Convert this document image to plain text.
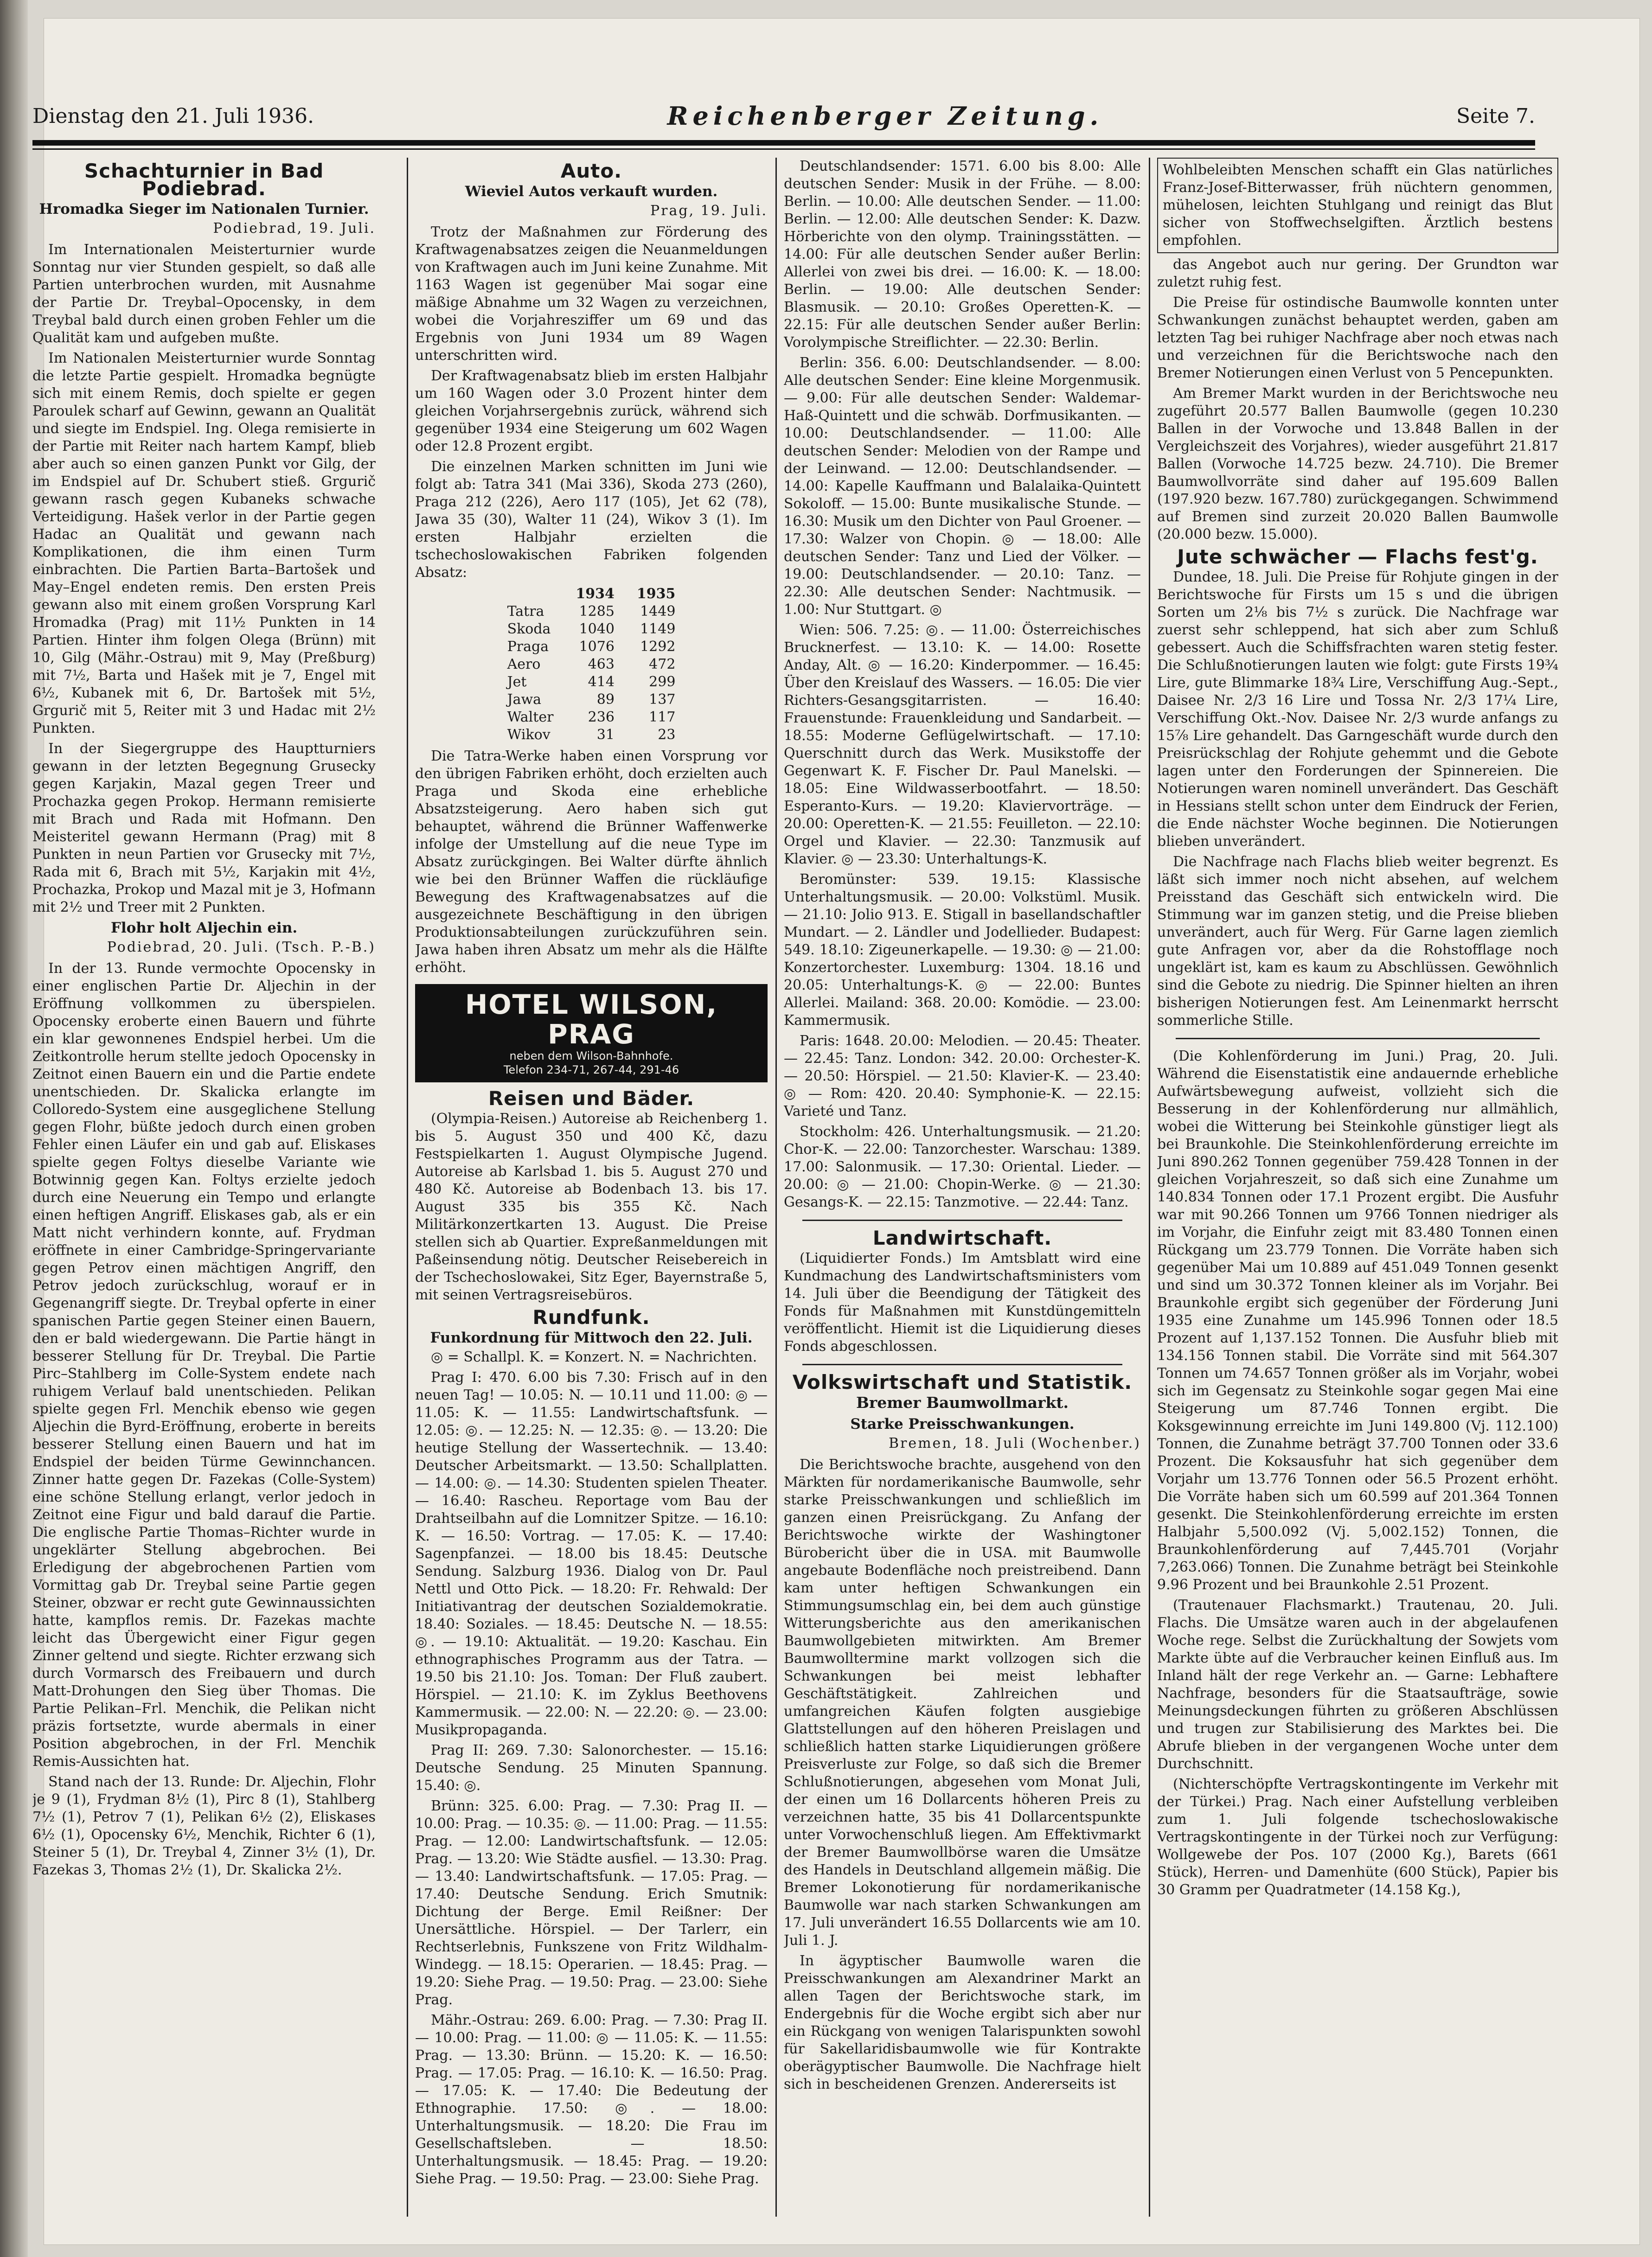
Dienstag den 21. Juli 1936.	Reichenberger Zeitung.	Seite 7.
Schachturnier in Bad Podiebrad.
Hromadka Sieger im Nationalen Turnier.
Podiebrad, 19. Juli.

Im Internationalen Meisterturnier wurde Sonntag nur vier Stunden gespielt, so daß alle Partien unterbrochen wurden, mit Ausnahme der Partie Dr. Treybal–Opocensky, in dem Treybal bald durch einen groben Fehler um die Qualität kam und aufgeben mußte.

Im Nationalen Meisterturnier wurde Sonntag die letzte Partie gespielt. Hromadka begnügte sich mit einem Remis, doch spielte er gegen Paroulek scharf auf Gewinn, gewann an Qualität und siegte im Endspiel. Ing. Olega remisierte in der Partie mit Reiter nach hartem Kampf, blieb aber auch so einen ganzen Punkt vor Gilg, der im Endspiel auf Dr. Schubert stieß. Grgurič gewann rasch gegen Kubaneks schwache Verteidigung. Hašek verlor in der Partie gegen Hadac an Qualität und gewann nach Komplikationen, die ihm einen Turm einbrachten. Die Partien Barta–Bartošek und May–Engel endeten remis. Den ersten Preis gewann also mit einem großen Vorsprung Karl Hromadka (Prag) mit 11½ Punkten in 14 Partien. Hinter ihm folgen Olega (Brünn) mit 10, Gilg (Mähr.-Ostrau) mit 9, May (Preßburg) mit 7½, Barta und Hašek mit je 7, Engel mit 6½, Kubanek mit 6, Dr. Bartošek mit 5½, Grgurič mit 5, Reiter mit 3 und Hadac mit 2½ Punkten.

In der Siegergruppe des Hauptturniers gewann in der letzten Begegnung Grusecky gegen Karjakin, Mazal gegen Treer und Prochazka gegen Prokop. Hermann remisierte mit Brach und Rada mit Hofmann. Den Meisteritel gewann Hermann (Prag) mit 8 Punkten in neun Partien vor Grusecky mit 7½, Rada mit 6, Brach mit 5½, Karjakin mit 4½, Prochazka, Prokop und Mazal mit je 3, Hofmann mit 2½ und Treer mit 2 Punkten.

Flohr holt Aljechin ein.
Podiebrad, 20. Juli. (Tsch. P.-B.)

In der 13. Runde vermochte Opocensky in einer englischen Partie Dr. Aljechin in der Eröffnung vollkommen zu überspielen. Opocensky eroberte einen Bauern und führte ein klar gewonnenes Endspiel herbei. Um die Zeitkontrolle herum stellte jedoch Opocensky in Zeitnot einen Bauern ein und die Partie endete unentschieden. Dr. Skalicka erlangte im Colloredo-System eine ausgeglichene Stellung gegen Flohr, büßte jedoch durch einen groben Fehler einen Läufer ein und gab auf. Eliskases spielte gegen Foltys dieselbe Variante wie Botwinnig gegen Kan. Foltys erzielte jedoch durch eine Neuerung ein Tempo und erlangte einen heftigen Angriff. Eliskases gab, als er ein Matt nicht verhindern konnte, auf. Frydman eröffnete in einer Cambridge-Springervariante gegen Petrov einen mächtigen Angriff, den Petrov jedoch zurückschlug, worauf er in Gegenangriff siegte. Dr. Treybal opferte in einer spanischen Partie gegen Steiner einen Bauern, den er bald wiedergewann. Die Partie hängt in besserer Stellung für Dr. Treybal. Die Partie Pirc–Stahlberg im Colle-System endete nach ruhigem Verlauf bald unentschieden. Pelikan spielte gegen Frl. Menchik ebenso wie gegen Aljechin die Byrd-Eröffnung, eroberte in bereits besserer Stellung einen Bauern und hat im Endspiel der beiden Türme Gewinnchancen. Zinner hatte gegen Dr. Fazekas (Colle-System) eine schöne Stellung erlangt, verlor jedoch in Zeitnot eine Figur und bald darauf die Partie. Die englische Partie Thomas–Richter wurde in ungeklärter Stellung abgebrochen. Bei Erledigung der abgebrochenen Partien vom Vormittag gab Dr. Treybal seine Partie gegen Steiner, obzwar er recht gute Gewinnaussichten hatte, kampflos remis. Dr. Fazekas machte leicht das Übergewicht einer Figur gegen Zinner geltend und siegte. Richter erzwang sich durch Vormarsch des Freibauern und durch Matt-Drohungen den Sieg über Thomas. Die Partie Pelikan–Frl. Menchik, die Pelikan nicht präzis fortsetzte, wurde abermals in einer Position abgebrochen, in der Frl. Menchik Remis-Aussichten hat.

Stand nach der 13. Runde: Dr. Aljechin, Flohr je 9 (1), Frydman 8½ (1), Pirc 8 (1), Stahlberg 7½ (1), Petrov 7 (1), Pelikan 6½ (2), Eliskases 6½ (1), Opocensky 6½, Menchik, Richter 6 (1), Steiner 5 (1), Dr. Treybal 4, Zinner 3½ (1), Dr. Fazekas 3, Thomas 2½ (1), Dr. Skalicka 2½.

Auto.
Wieviel Autos verkauft wurden.
Prag, 19. Juli.

Trotz der Maßnahmen zur Förderung des Kraftwagenabsatzes zeigen die Neuanmeldungen von Kraftwagen auch im Juni keine Zunahme. Mit 1163 Wagen ist gegenüber Mai sogar eine mäßige Abnahme um 32 Wagen zu verzeichnen, wobei die Vorjahresziffer um 69 und das Ergebnis von Juni 1934 um 89 Wagen unterschritten wird.

Der Kraftwagenabsatz blieb im ersten Halbjahr um 160 Wagen oder 3.0 Prozent hinter dem gleichen Vorjahrsergebnis zurück, während sich gegenüber 1934 eine Steigerung um 602 Wagen oder 12.8 Prozent ergibt.

Die einzelnen Marken schnitten im Juni wie folgt ab: Tatra 341 (Mai 336), Skoda 273 (260), Praga 212 (226), Aero 117 (105), Jet 62 (78), Jawa 35 (30), Walter 11 (24), Wikov 3 (1). Im ersten Halbjahr erzielten die tschechoslowakischen Fabriken folgenden Absatz:

	1934	1935
Tatra	1285	1449
Skoda	1040	1149
Praga	1076	1292
Aero	463	472
Jet	414	299
Jawa	89	137
Walter	236	117
Wikov	31	23

Die Tatra-Werke haben einen Vorsprung vor den übrigen Fabriken erhöht, doch erzielten auch Praga und Skoda eine erhebliche Absatzsteigerung. Aero haben sich gut behauptet, während die Brünner Waffenwerke infolge der Umstellung auf die neue Type im Absatz zurückgingen. Bei Walter dürfte ähnlich wie bei den Brünner Waffen die rückläufige Bewegung des Kraftwagenabsatzes auf die ausgezeichnete Beschäftigung in den übrigen Produktionsabteilungen zurückzuführen sein. Jawa haben ihren Absatz um mehr als die Hälfte erhöht.

HOTEL WILSON, PRAG
neben dem Wilson-Bahnhofe.
Telefon 234-71, 267-44, 291-46
Reisen und Bäder.

(Olympia-Reisen.) Autoreise ab Reichenberg 1. bis 5. August 350 und 400 Kč, dazu Festspielkarten 1. August Olympische Jugend. Autoreise ab Karlsbad 1. bis 5. August 270 und 480 Kč. Autoreise ab Bodenbach 13. bis 17. August 335 bis 355 Kč. Nach Militärkonzertkarten 13. August. Die Preise stellen sich ab Quartier. Expreßanmeldungen mit Paßeinsendung nötig. Deutscher Reisebereich in der Tschechoslowakei, Sitz Eger, Bayernstraße 5, mit seinen Vertragsreisebüros.

Rundfunk.
Funkordnung für Mittwoch den 22. Juli.

◎ = Schallpl. K. = Konzert. N. = Nachrichten.

Prag I: 470. 6.00 bis 7.30: Frisch auf in den neuen Tag! — 10.05: N. — 10.11 und 11.00: ◎ — 11.05: K. — 11.55: Landwirtschaftsfunk. — 12.05: ◎. — 12.25: N. — 12.35: ◎. — 13.20: Die heutige Stellung der Wassertechnik. — 13.40: Deutscher Arbeitsmarkt. — 13.50: Schallplatten. — 14.00: ◎. — 14.30: Studenten spielen Theater. — 16.40: Rascheu. Reportage vom Bau der Drahtseilbahn auf die Lomnitzer Spitze. — 16.10: K. — 16.50: Vortrag. — 17.05: K. — 17.40: Sagenpfanzei. — 18.00 bis 18.45: Deutsche Sendung. Salzburg 1936. Dialog von Dr. Paul Nettl und Otto Pick. — 18.20: Fr. Rehwald: Der Initiativantrag der deutschen Sozialdemokratie. 18.40: Soziales. — 18.45: Deutsche N. — 18.55: ◎. — 19.10: Aktualität. — 19.20: Kaschau. Ein ethnographisches Programm aus der Tatra. — 19.50 bis 21.10: Jos. Toman: Der Fluß zaubert. Hörspiel. — 21.10: K. im Zyklus Beethovens Kammermusik. — 22.00: N. — 22.20: ◎. — 23.00: Musikpropaganda.

Prag II: 269. 7.30: Salonorchester. — 15.16: Deutsche Sendung. 25 Minuten Spannung. 15.40: ◎.

Brünn: 325. 6.00: Prag. — 7.30: Prag II. — 10.00: Prag. — 10.35: ◎. — 11.00: Prag. — 11.55: Prag. — 12.00: Landwirtschaftsfunk. — 12.05: Prag. — 13.20: Wie Städte ausfiel. — 13.30: Prag. — 13.40: Landwirtschaftsfunk. — 17.05: Prag. — 17.40: Deutsche Sendung. Erich Smutnik: Dichtung der Berge. Emil Reißner: Der Unersättliche. Hörspiel. — Der Tarlerr, ein Rechtserlebnis, Funkszene von Fritz Wildhalm-Windegg. — 18.15: Operarien. — 18.45: Prag. — 19.20: Siehe Prag. — 19.50: Prag. — 23.00: Siehe Prag.

Mähr.-Ostrau: 269. 6.00: Prag. — 7.30: Prag II. — 10.00: Prag. — 11.00: ◎ — 11.05: K. — 11.55: Prag. — 13.30: Brünn. — 15.20: K. — 16.50: Prag. — 17.05: Prag. — 16.10: K. — 16.50: Prag. — 17.05: K. — 17.40: Die Bedeutung der Ethnographie. 17.50: ◎. — 18.00: Unterhaltungsmusik. — 18.20: Die Frau im Gesellschaftsleben. — 18.50: Unterhaltungsmusik. — 18.45: Prag. — 19.20: Siehe Prag. — 19.50: Prag. — 23.00: Siehe Prag.

Deutschlandsender: 1571. 6.00 bis 8.00: Alle deutschen Sender: Musik in der Frühe. — 8.00: Berlin. — 10.00: Alle deutschen Sender. — 11.00: Berlin. — 12.00: Alle deutschen Sender: K. Dazw. Hörberichte von den olymp. Trainingsstätten. — 14.00: Für alle deutschen Sender außer Berlin: Allerlei von zwei bis drei. — 16.00: K. — 18.00: Berlin. — 19.00: Alle deutschen Sender: Blasmusik. — 20.10: Großes Operetten-K. — 22.15: Für alle deutschen Sender außer Berlin: Vorolympische Streiflichter. — 22.30: Berlin.

Berlin: 356. 6.00: Deutschlandsender. — 8.00: Alle deutschen Sender: Eine kleine Morgenmusik. — 9.00: Für alle deutschen Sender: Waldemar-Haß-Quintett und die schwäb. Dorfmusikanten. — 10.00: Deutschlandsender. — 11.00: Alle deutschen Sender: Melodien von der Rampe und der Leinwand. — 12.00: Deutschlandsender. — 14.00: Kapelle Kauffmann und Balalaika-Quintett Sokoloff. — 15.00: Bunte musikalische Stunde. — 16.30: Musik um den Dichter von Paul Groener. — 17.30: Walzer von Chopin. ◎ — 18.00: Alle deutschen Sender: Tanz und Lied der Völker. — 19.00: Deutschlandsender. — 20.10: Tanz. — 22.30: Alle deutschen Sender: Nachtmusik. — 1.00: Nur Stuttgart. ◎

Wien: 506. 7.25: ◎. — 11.00: Österreichisches Brucknerfest. — 13.10: K. — 14.00: Rosette Anday, Alt. ◎ — 16.20: Kinderpommer. — 16.45: Über den Kreislauf des Wassers. — 16.05: Die vier Richters-Gesangsgitarristen. — 16.40: Frauenstunde: Frauenkleidung und Sandarbeit. — 18.55: Moderne Geflügelwirtschaft. — 17.10: Querschnitt durch das Werk. Musikstoffe der Gegenwart K. F. Fischer Dr. Paul Manelski. — 18.05: Eine Wildwasserbootfahrt. — 18.50: Esperanto-Kurs. — 19.20: Klaviervorträge. — 20.00: Operetten-K. — 21.55: Feuilleton. — 22.10: Orgel und Klavier. — 22.30: Tanzmusik auf Klavier. ◎ — 23.30: Unterhaltungs-K.

Beromünster: 539. 19.15: Klassische Unterhaltungsmusik. — 20.00: Volkstüml. Musik. — 21.10: Jolio 913. E. Stigall in basellandschaftler Mundart. — 2. Ländler und Jodellieder. Budapest: 549. 18.10: Zigeunerkapelle. — 19.30: ◎ — 21.00: Konzertorchester. Luxemburg: 1304. 18.16 und 20.05: Unterhaltungs-K. ◎ — 22.00: Buntes Allerlei. Mailand: 368. 20.00: Komödie. — 23.00: Kammermusik.

Paris: 1648. 20.00: Melodien. — 20.45: Theater. — 22.45: Tanz. London: 342. 20.00: Orchester-K. — 20.50: Hörspiel. — 21.50: Klavier-K. — 23.40: ◎ — Rom: 420. 20.40: Symphonie-K. — 22.15: Varieté und Tanz.

Stockholm: 426. Unterhaltungsmusik. — 21.20: Chor-K. — 22.00: Tanzorchester. Warschau: 1389. 17.00: Salonmusik. — 17.30: Oriental. Lieder. — 20.00: ◎ — 21.00: Chopin-Werke. ◎ — 21.30: Gesangs-K. — 22.15: Tanzmotive. — 22.44: Tanz.

Landwirtschaft.

(Liquidierter Fonds.) Im Amtsblatt wird eine Kundmachung des Landwirtschaftsministers vom 14. Juli über die Beendigung der Tätigkeit des Fonds für Maßnahmen mit Kunstdüngemitteln veröffentlicht. Hiemit ist die Liquidierung dieses Fonds abgeschlossen.

Volkswirtschaft und Statistik.
Bremer Baumwollmarkt.
Starke Preisschwankungen.
Bremen, 18. Juli (Wochenber.)

Die Berichtswoche brachte, ausgehend von den Märkten für nordamerikanische Baumwolle, sehr starke Preisschwankungen und schließlich im ganzen einen Preisrückgang. Zu Anfang der Berichtswoche wirkte der Washingtoner Bürobericht über die in USA. mit Baumwolle angebaute Bodenfläche noch preistreibend. Dann kam unter heftigen Schwankungen ein Stimmungsumschlag ein, bei dem auch günstige Witterungsberichte aus den amerikanischen Baumwollgebieten mitwirkten. Am Bremer Baumwolltermine markt vollzogen sich die Schwankungen bei meist lebhafter Geschäftstätigkeit. Zahlreichen und umfangreichen Käufen folgten ausgiebige Glattstellungen auf den höheren Preislagen und schließlich hatten starke Liquidierungen größere Preisverluste zur Folge, so daß sich die Bremer Schlußnotierungen, abgesehen vom Monat Juli, der einen um 16 Dollarcents höheren Preis zu verzeichnen hatte, 35 bis 41 Dollarcentspunkte unter Vorwochenschluß liegen. Am Effektivmarkt der Bremer Baumwollbörse waren die Umsätze des Handels in Deutschland allgemein mäßig. Die Bremer Lokonotierung für nordamerikanische Baumwolle war nach starken Schwankungen am 17. Juli unverändert 16.55 Dollarcents wie am 10. Juli 1. J.

In ägyptischer Baumwolle waren die Preisschwankungen am Alexandriner Markt an allen Tagen der Berichtswoche stark, im Endergebnis für die Woche ergibt sich aber nur ein Rückgang von wenigen Talarispunkten sowohl für Sakellaridisbaumwolle wie für Kontrakte oberägyptischer Baumwolle. Die Nachfrage hielt sich in bescheidenen Grenzen. Andererseits ist

Wohlbeleibten Menschen schafft ein Glas natürliches Franz-Josef-Bitterwasser, früh nüchtern genommen, mühelosen, leichten Stuhlgang und reinigt das Blut sicher von Stoffwechselgiften. Ärztlich bestens empfohlen.

das Angebot auch nur gering. Der Grundton war zuletzt ruhig fest.

Die Preise für ostindische Baumwolle konnten unter Schwankungen zunächst behauptet werden, gaben am letzten Tag bei ruhiger Nachfrage aber noch etwas nach und verzeichnen für die Berichtswoche nach den Bremer Notierungen einen Verlust von 5 Pencepunkten.

Am Bremer Markt wurden in der Berichtswoche neu zugeführt 20.577 Ballen Baumwolle (gegen 10.230 Ballen in der Vorwoche und 13.848 Ballen in der Vergleichszeit des Vorjahres), wieder ausgeführt 21.817 Ballen (Vorwoche 14.725 bezw. 24.710). Die Bremer Baumwollvorräte sind daher auf 195.609 Ballen (197.920 bezw. 167.780) zurückgegangen. Schwimmend auf Bremen sind zurzeit 20.020 Ballen Baumwolle (20.000 bezw. 15.000).

Jute schwächer — Flachs fest'g.

Dundee, 18. Juli. Die Preise für Rohjute gingen in der Berichtswoche für Firsts um 15 s und die übrigen Sorten um 2⅛ bis 7½ s zurück. Die Nachfrage war zuerst sehr schleppend, hat sich aber zum Schluß gebessert. Auch die Schiffsfrachten waren stetig fester. Die Schlußnotierungen lauten wie folgt: gute Firsts 19¾ Lire, gute Blimmarke 18¾ Lire, Verschiffung Aug.-Sept., Daisee Nr. 2/3 16 Lire und Tossa Nr. 2/3 17¼ Lire, Verschiffung Okt.-Nov. Daisee Nr. 2/3 wurde anfangs zu 15⅞ Lire gehandelt. Das Garngeschäft wurde durch den Preisrückschlag der Rohjute gehemmt und die Gebote lagen unter den Forderungen der Spinnereien. Die Notierungen waren nominell unverändert. Das Geschäft in Hessians stellt schon unter dem Eindruck der Ferien, die Ende nächster Woche beginnen. Die Notierungen blieben unverändert.

Die Nachfrage nach Flachs blieb weiter begrenzt. Es läßt sich immer noch nicht absehen, auf welchem Preisstand das Geschäft sich entwickeln wird. Die Stimmung war im ganzen stetig, und die Preise blieben unverändert, auch für Werg. Für Garne lagen ziemlich gute Anfragen vor, aber da die Rohstofflage noch ungeklärt ist, kam es kaum zu Abschlüssen. Gewöhnlich sind die Gebote zu niedrig. Die Spinner hielten an ihren bisherigen Notierungen fest. Am Leinenmarkt herrscht sommerliche Stille.

(Die Kohlenförderung im Juni.) Prag, 20. Juli. Während die Eisenstatistik eine andauernde erhebliche Aufwärtsbewegung aufweist, vollzieht sich die Besserung in der Kohlenförderung nur allmählich, wobei die Witterung bei Steinkohle günstiger liegt als bei Braunkohle. Die Steinkohlenförderung erreichte im Juni 890.262 Tonnen gegenüber 759.428 Tonnen in der gleichen Vorjahreszeit, so daß sich eine Zunahme um 140.834 Tonnen oder 17.1 Prozent ergibt. Die Ausfuhr war mit 90.266 Tonnen um 9766 Tonnen niedriger als im Vorjahr, die Einfuhr zeigt mit 83.480 Tonnen einen Rückgang um 23.779 Tonnen. Die Vorräte haben sich gegenüber Mai um 10.889 auf 451.049 Tonnen gesenkt und sind um 30.372 Tonnen kleiner als im Vorjahr. Bei Braunkohle ergibt sich gegenüber der Förderung Juni 1935 eine Zunahme um 145.996 Tonnen oder 18.5 Prozent auf 1,137.152 Tonnen. Die Ausfuhr blieb mit 134.156 Tonnen stabil. Die Vorräte sind mit 564.307 Tonnen um 74.657 Tonnen größer als im Vorjahr, wobei sich im Gegensatz zu Steinkohle sogar gegen Mai eine Steigerung um 87.746 Tonnen ergibt. Die Koksgewinnung erreichte im Juni 149.800 (Vj. 112.100) Tonnen, die Zunahme beträgt 37.700 Tonnen oder 33.6 Prozent. Die Koksausfuhr hat sich gegenüber dem Vorjahr um 13.776 Tonnen oder 56.5 Prozent erhöht. Die Vorräte haben sich um 60.599 auf 201.364 Tonnen gesenkt. Die Steinkohlenförderung erreichte im ersten Halbjahr 5,500.092 (Vj. 5,002.152) Tonnen, die Braunkohlenförderung auf 7,445.701 (Vorjahr 7,263.066) Tonnen. Die Zunahme beträgt bei Steinkohle 9.96 Prozent und bei Braunkohle 2.51 Prozent.

(Trautenauer Flachsmarkt.) Trautenau, 20. Juli. Flachs. Die Umsätze waren auch in der abgelaufenen Woche rege. Selbst die Zurückhaltung der Sowjets vom Markte übte auf die Verbraucher keinen Einfluß aus. Im Inland hält der rege Verkehr an. — Garne: Lebhaftere Nachfrage, besonders für die Staatsaufträge, sowie Meinungsdeckungen führten zu größeren Abschlüssen und trugen zur Stabilisierung des Marktes bei. Die Abrufe blieben in der vergangenen Woche unter dem Durchschnitt.

(Nichterschöpfte Vertragskontingente im Verkehr mit der Türkei.) Prag. Nach einer Aufstellung verbleiben zum 1. Juli folgende tschechoslowakische Vertragskontingente in der Türkei noch zur Verfügung: Wollgewebe der Pos. 107 (2000 Kg.), Barets (661 Stück), Herren- und Damenhüte (600 Stück), Papier bis 30 Gramm per Quadratmeter (14.158 Kg.),
